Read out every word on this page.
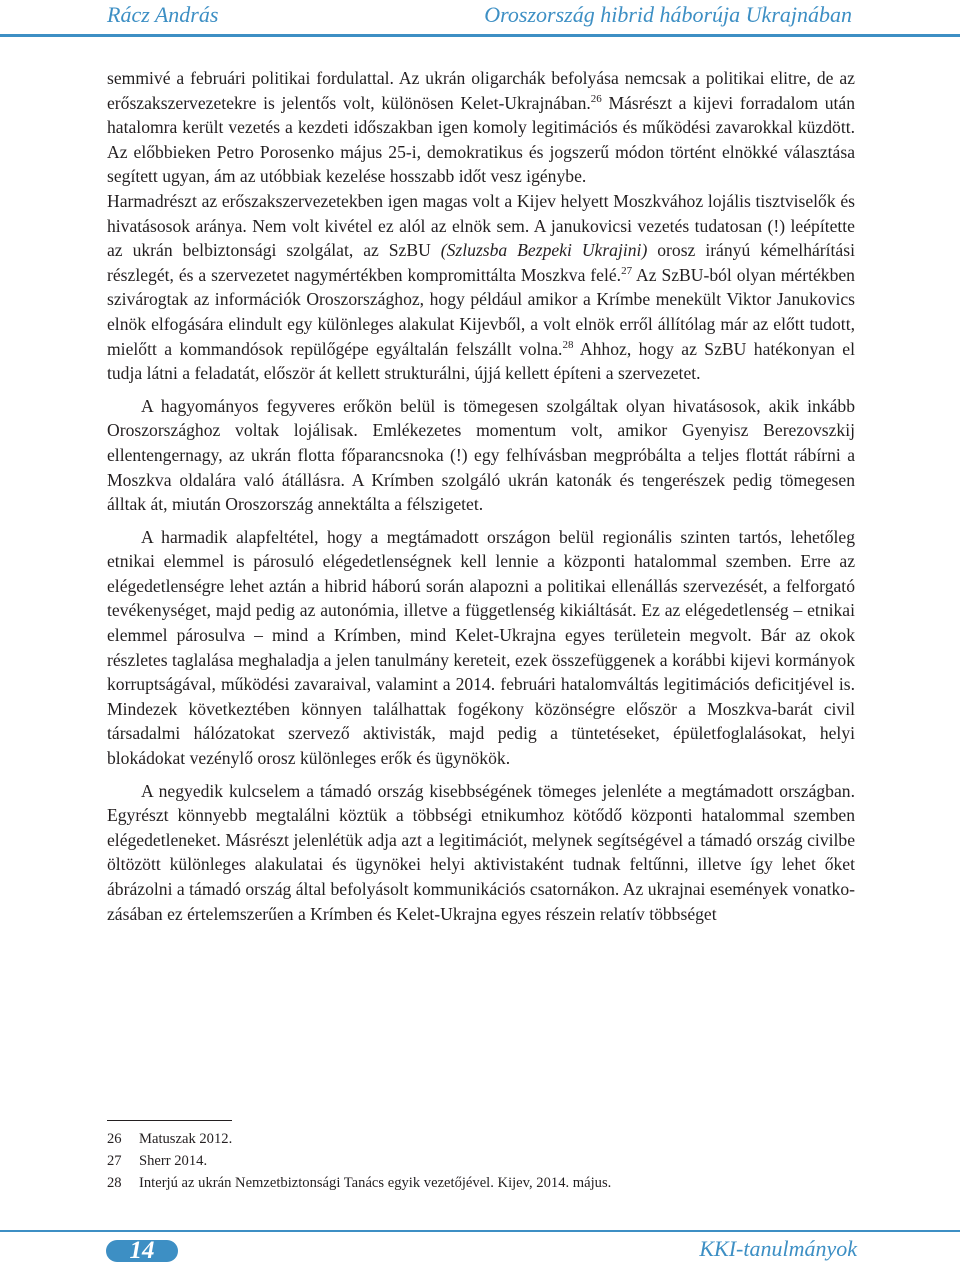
Rácz András	Oroszország hibrid háborúja Ukrajnában

semmivé a februári politikai fordulattal. Az ukrán oligarchák befolyása nemcsak a politikai elitre, de az erőszakszervezetekre is jelentős volt, különösen Kelet-Ukrajnában.$^{26}$ Másrészt a kijevi forradalom után hatalomra került vezetés a kezdeti időszakban igen komoly legitimációs és működési zavarokkal küzdött. Az előbbieken Petro Porosenko május 25-i, demokratikus és jogszerű módon történt elnökké választása segített ugyan, ám az utóbbiak kezelése hosszabb időt vesz igénybe.

Harmadrészt az erőszakszervezetekben igen magas volt a Kijev helyett Moszkvához lojális tisztviselők és hivatásosok aránya. Nem volt kivétel ez alól az elnök sem. A janukovicsi vezetés tudatosan (!) leépítette az ukrán belbiztonsági szolgálat, az SzBU (Szluzsba Bezpeki Ukrajini) orosz irányú kémelhárítási részlegét, és a szervezetet nagymértékben kompromittálta Moszkva felé.$^{27}$ Az SzBU-ból olyan mértékben szivárogtak az információk Oroszországhoz, hogy például amikor a Krímbe menekült Viktor Janukovics elnök elfogására elindult egy különleges alakulat Kijevből, a volt elnök erről állítólag már az előtt tudott, mielőtt a kommandósok repülőgépe egyáltalán felszállt volna.$^{28}$ Ahhoz, hogy az SzBU hatékonyan el tudja látni a feladatát, először át kellett strukturálni, újjá kellett építeni a szervezetet.

A hagyományos fegyveres erőkön belül is tömegesen szolgáltak olyan hivatásosok, akik inkább Oroszországhoz voltak lojálisak. Emlékezetes momentum volt, amikor Gyenyisz Berezovszkij ellentengernagy, az ukrán flotta főparancsnoka (!) egy felhívásban megpróbálta a teljes flottát rábírni a Moszkva oldalára való átállásra. A Krímben szolgáló ukrán katonák és tengerészek pedig tömegesen álltak át, miután Oroszország annektálta a félszigetet.

A harmadik alapfeltétel, hogy a megtámadott országon belül regionális szinten tartós, lehetőleg etnikai elemmel is párosuló elégedetlenségnek kell lennie a központi hatalommal szemben. Erre az elégedetlenségre lehet aztán a hibrid háború során alapozni a politikai ellenállás szervezését, a felforgató tevékenységet, majd pedig az autonómia, illetve a függetlenség kikiáltását. Ez az elégedetlenség – etnikai elemmel párosulva – mind a Krímben, mind Kelet-Ukrajna egyes területein megvolt. Bár az okok részletes taglalása meghaladja a jelen tanulmány kereteit, ezek összefüggenek a korábbi kijevi kormányok korruptságával, működési zavaraival, valamint a 2014. februári hatalomváltás legitimációs deficitjével is. Mindezek következtében könnyen találhattak fogékony közönségre először a Moszkva-barát civil társadalmi hálózatokat szervező aktivisták, majd pedig a tüntetéseket, épületfoglalásokat, helyi blokádokat vezénylő orosz különleges erők és ügynökök.

A negyedik kulcselem a támadó ország kisebbségének tömeges jelenléte a megtámadott országban. Egyrészt könnyebb megtalálni köztük a többségi etnikumhoz kötődő központi hatalommal szemben elégedetleneket. Másrészt jelenlétük adja azt a legitimációt, melynek segítségével a támadó ország civilbe öltözött különleges alakulatai és ügynökei helyi aktivistaként tudnak feltűnni, illetve így lehet őket ábrázolni a támadó ország által befolyásolt kommunikációs csatornákon. Az ukrajnai események vonatkozásában ez értelemszerűen a Krímben és Kelet-Ukrajna egyes részein relatív többséget

26	Matuszak 2012.
27	Sherr 2014.
28	Interjú az ukrán Nemzetbiztonsági Tanács egyik vezetőjével. Kijev, 2014. május.
14	KKI-tanulmányok
